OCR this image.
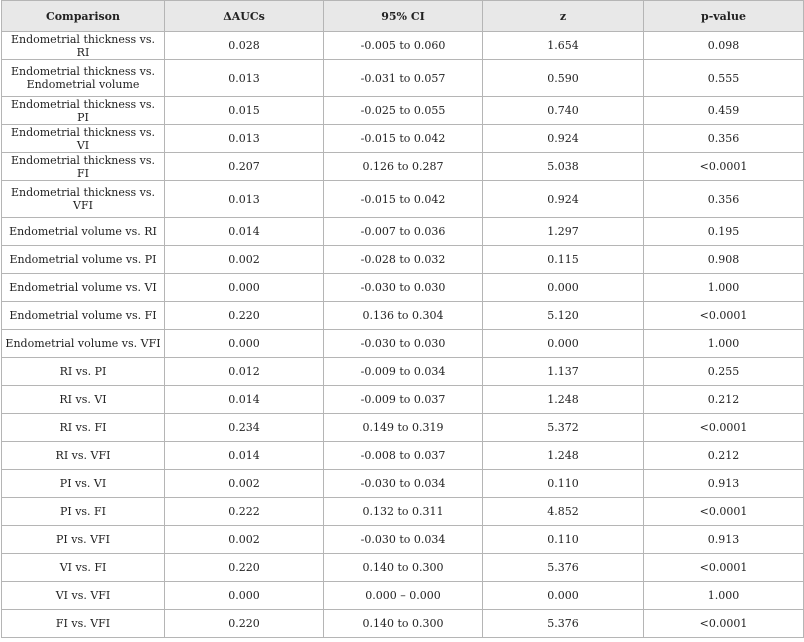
Comparison	ΔAUCs	95% CI	z	p-value
Endometrial thickness vs. RI	0.028	-0.005 to 0.060	1.654	0.098
Endometrial thickness vs. Endometrial volume	0.013	-0.031 to 0.057	0.590	0.555
Endometrial thickness vs. PI	0.015	-0.025 to 0.055	0.740	0.459
Endometrial thickness vs. VI	0.013	-0.015 to 0.042	0.924	0.356
Endometrial thickness vs. FI	0.207	0.126 to 0.287	5.038	<0.0001
Endometrial thickness vs. VFI	0.013	-0.015 to 0.042	0.924	0.356
Endometrial volume vs. RI	0.014	-0.007 to 0.036	1.297	0.195
Endometrial volume vs. PI	0.002	-0.028 to 0.032	0.115	0.908
Endometrial volume vs. VI	0.000	-0.030 to 0.030	0.000	1.000
Endometrial volume vs. FI	0.220	0.136 to 0.304	5.120	<0.0001
Endometrial volume vs. VFI	0.000	-0.030 to 0.030	0.000	1.000
RI vs. PI	0.012	-0.009 to 0.034	1.137	0.255
RI vs. VI	0.014	-0.009 to 0.037	1.248	0.212
RI vs. FI	0.234	0.149 to 0.319	5.372	<0.0001
RI vs. VFI	0.014	-0.008 to 0.037	1.248	0.212
PI vs. VI	0.002	-0.030 to 0.034	0.110	0.913
PI vs. FI	0.222	0.132 to 0.311	4.852	<0.0001
PI vs. VFI	0.002	-0.030 to 0.034	0.110	0.913
VI vs. FI	0.220	0.140 to 0.300	5.376	<0.0001
VI vs. VFI	0.000	0.000 – 0.000	0.000	1.000
FI vs. VFI	0.220	0.140 to 0.300	5.376	<0.0001
